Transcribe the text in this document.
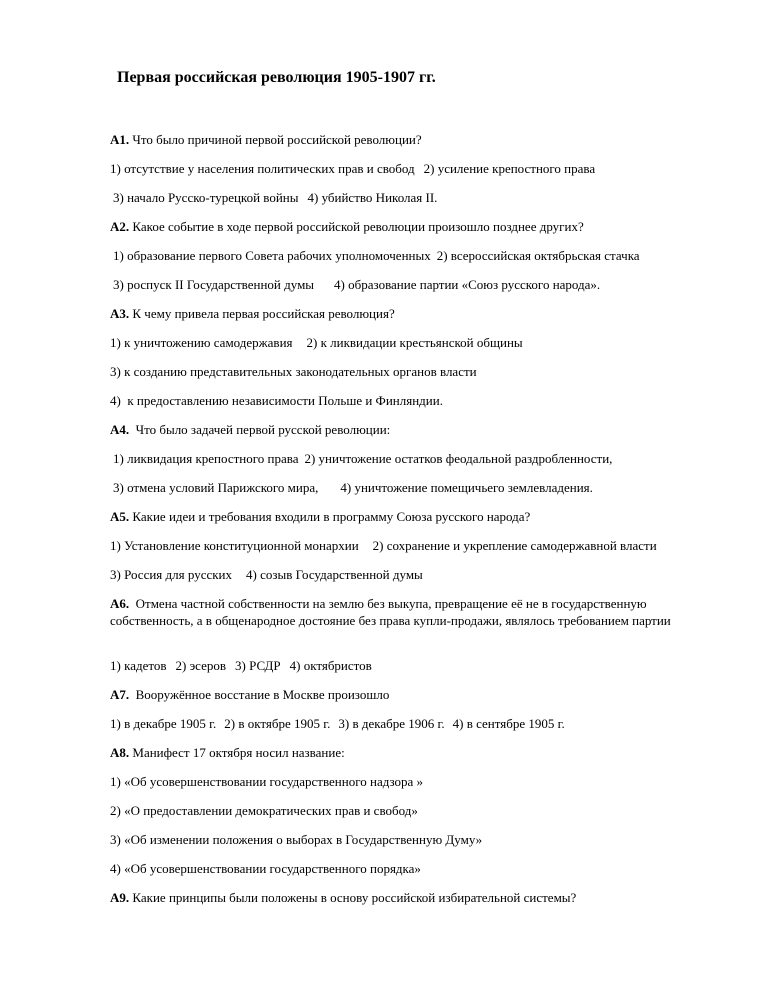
Первая российская революция 1905-1907 гг.

А1. Что было причиной первой российской революции?

1) отсутствие у населения политических прав и свобод 2) усиление крепостного права

3) начало Русско-турецкой войны 4) убийство Николая II.

А2. Какое событие в ходе первой российской революции произошло позднее других?

1) образование первого Совета рабочих уполномоченных 2) всероссийская октябрьская стачка

3) роспуск II Государственной думы 4) образование партии «Союз русского народа».

А3. К чему привела первая российская революция?

1) к уничтожению самодержавия 2) к ликвидации крестьянской общины

3) к созданию представительных законодательных органов власти

4)  к предоставлению независимости Польше и Финляндии.

А4. Что было задачей первой русской революции:

1) ликвидация крепостного права 2) уничтожение остатков феодальной раздробленности,

3) отмена условий Парижского мира, 4) уничтожение помещичьего землевладения.

А5. Какие идеи и требования входили в программу Союза русского народа?

1) Установление конституционной монархии 2) сохранение и укрепление самодержавной власти

3) Россия для русских 4) созыв Государственной думы

А6. Отмена частной собственности на землю без выкупа, превращение её не в государственную собственность, а в общенародное достояние без права купли-продажи, являлось требованием партии

1) кадетов 2) эсеров 3) РСДР 4) октябристов

А7. Вооружённое восстание в Москве произошло

1) в декабре 1905 г. 2) в октябре 1905 г. 3) в декабре 1906 г. 4) в сентябре 1905 г.

А8. Манифест 17 октября носил название:

1) «Об усовершенствовании государственного надзора »

2) «О предоставлении демократических прав и свобод»

3) «Об изменении положения о выборах в Государственную Думу»

4) «Об усовершенствовании государственного порядка»

А9. Какие принципы были положены в основу российской избирательной системы?
